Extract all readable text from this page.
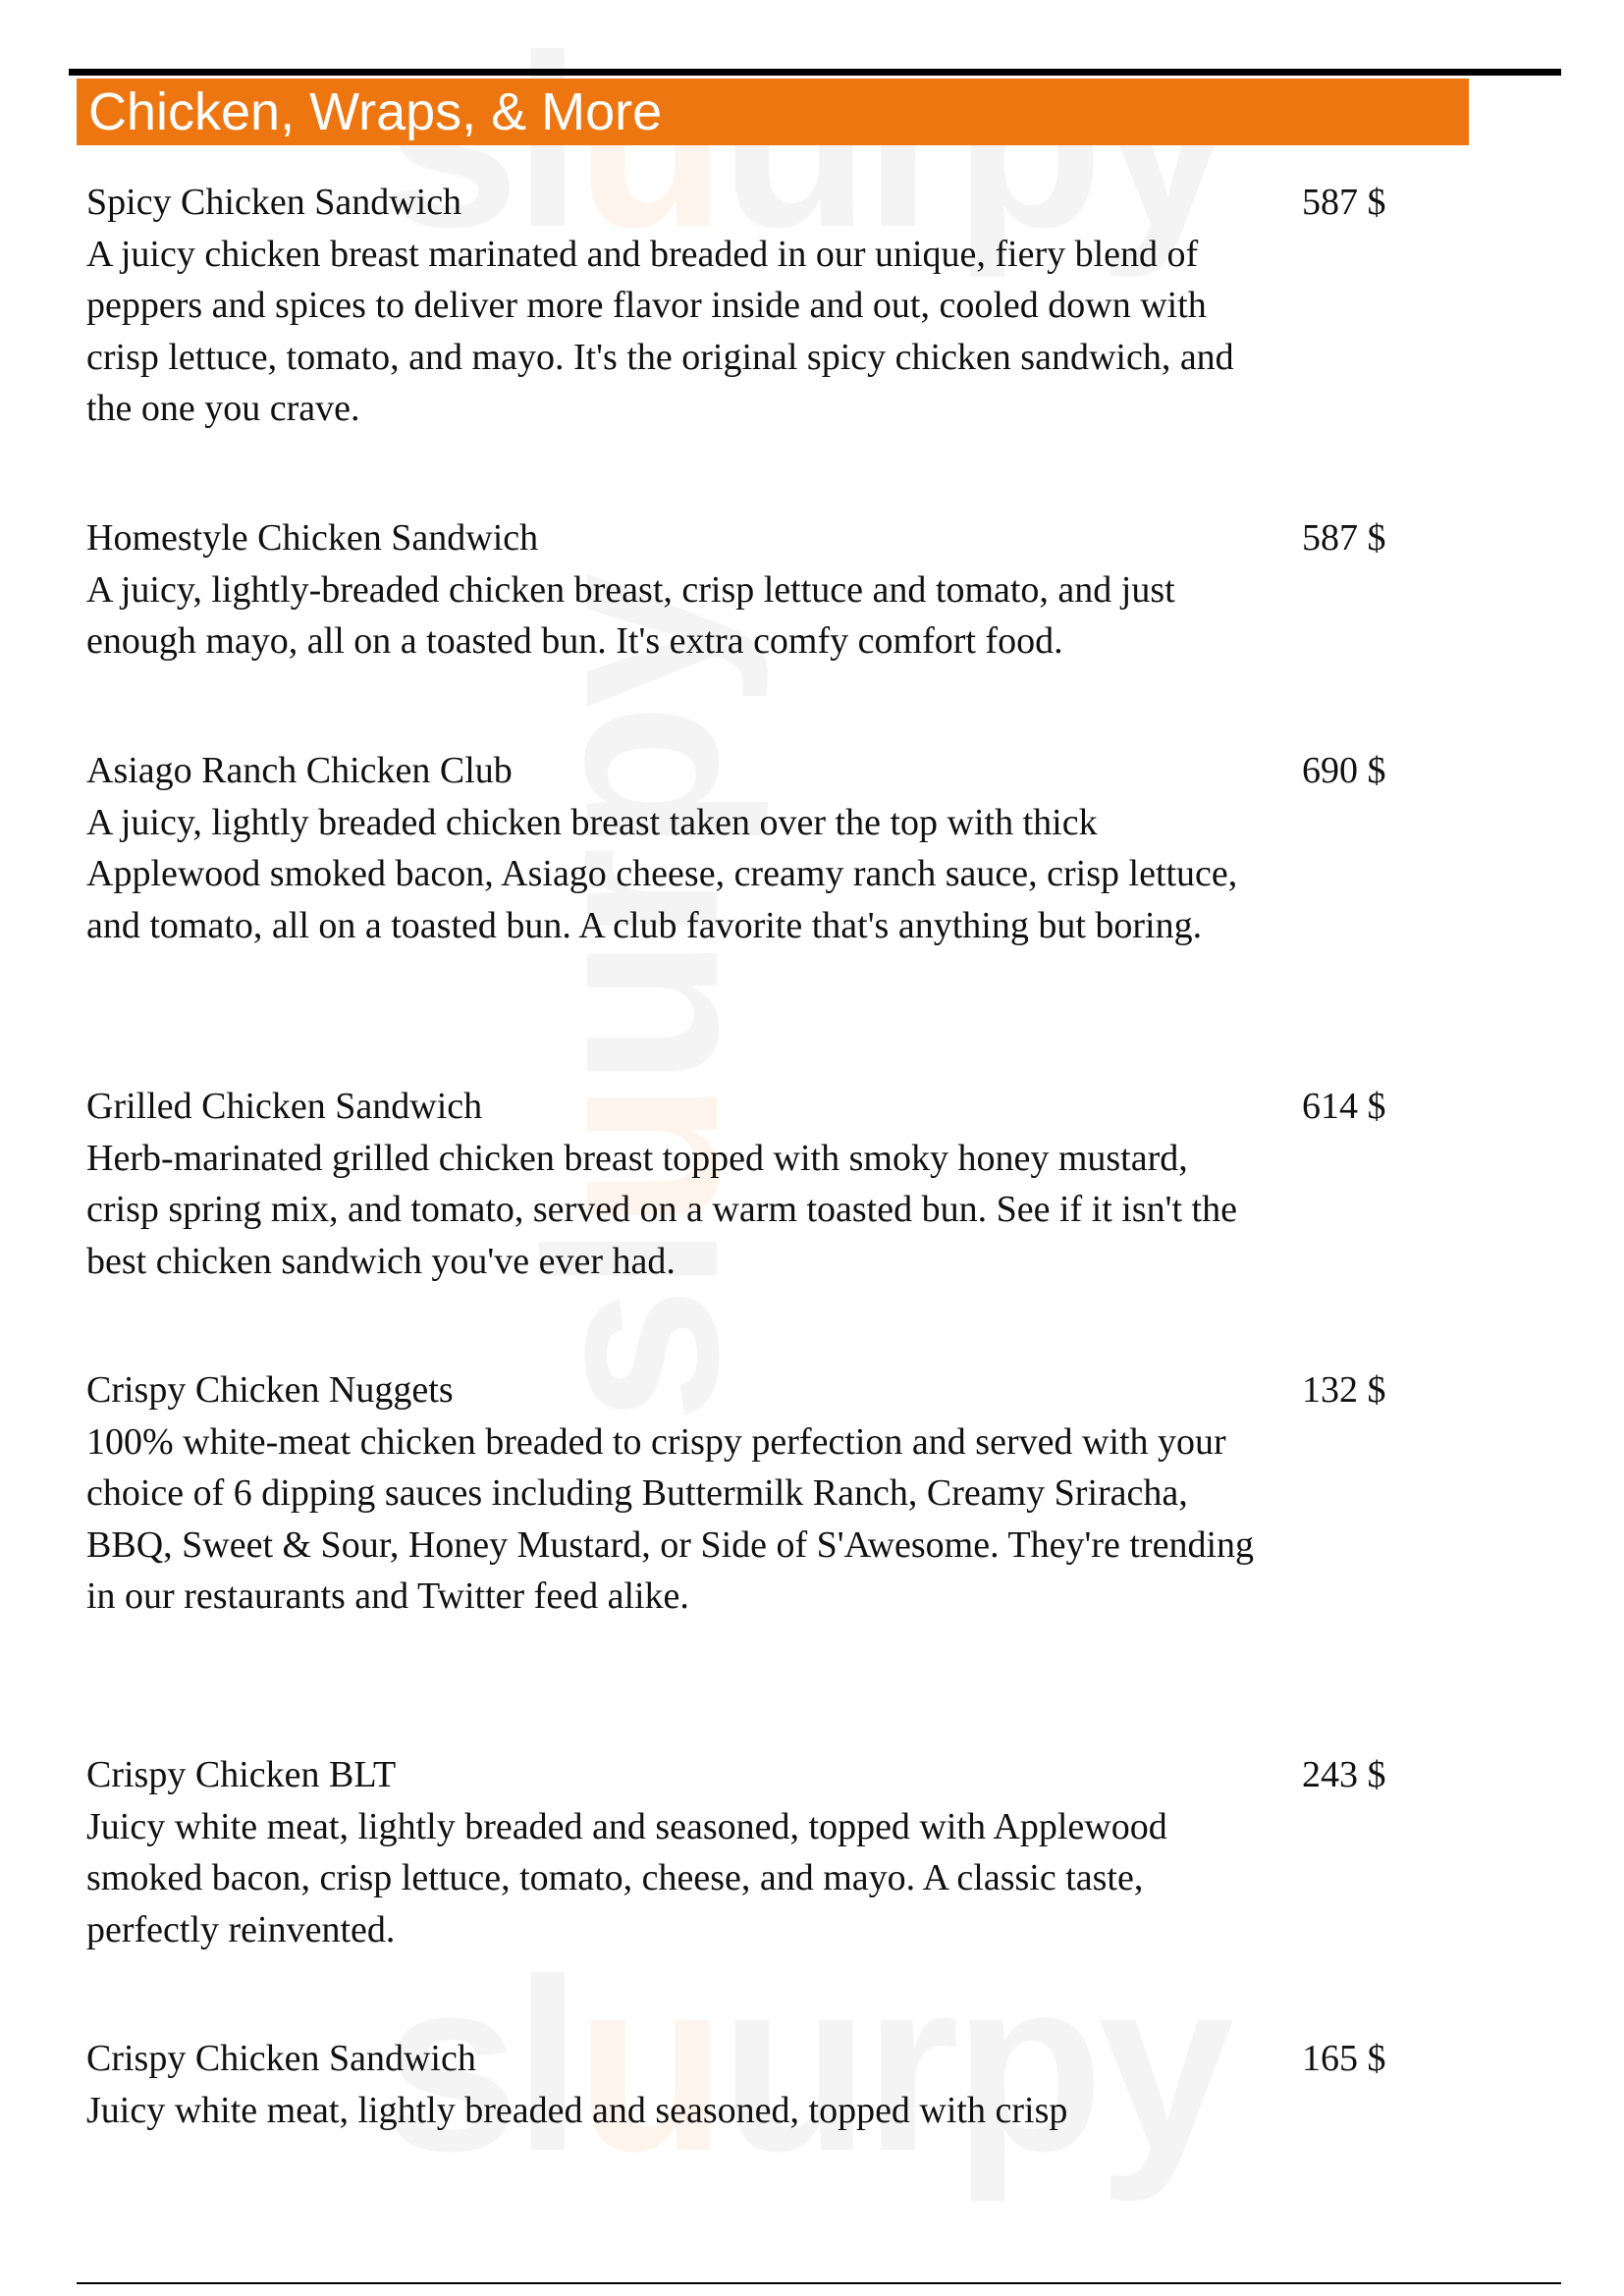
u
u
Chicken, Wraps, & More
Spicy Chicken Sandwich
A juicy chicken breast marinated and breaded in our unique, fiery blend of peppers and spices to deliver more flavor inside and out, cooled down with crisp lettuce, tomato, and mayo. It's the original spicy chicken sandwich, and the one you crave.
587 $
Homestyle Chicken Sandwich
A juicy, lightly-breaded chicken breast, crisp lettuce and tomato, and just enough mayo, all on a toasted bun. It's extra comfy comfort food.
587 $
Asiago Ranch Chicken Club
A juicy, lightly breaded chicken breast taken over the top with thick Applewood smoked bacon, Asiago cheese, creamy ranch sauce, crisp lettuce, and tomato, all on a toasted bun. A club favorite that's anything but boring.
690 $
Grilled Chicken Sandwich
Herb-marinated grilled chicken breast topped with smoky honey mustard, crisp spring mix, and tomato, served on a warm toasted bun. See if it isn't the best chicken sandwich you've ever had.
614 $
Crispy Chicken Nuggets
100% white-meat chicken breaded to crispy perfection and served with your choice of 6 dipping sauces including Buttermilk Ranch, Creamy Sriracha, BBQ, Sweet & Sour, Honey Mustard, or Side of S'Awesome. They're trending in our restaurants and Twitter feed alike.
132 $
Crispy Chicken BLT
Juicy white meat, lightly breaded and seasoned, topped with Applewood smoked bacon, crisp lettuce, tomato, cheese, and mayo. A classic taste, perfectly reinvented.
243 $
Crispy Chicken Sandwich
Juicy white meat, lightly breaded and seasoned, topped with crisp
165 $
